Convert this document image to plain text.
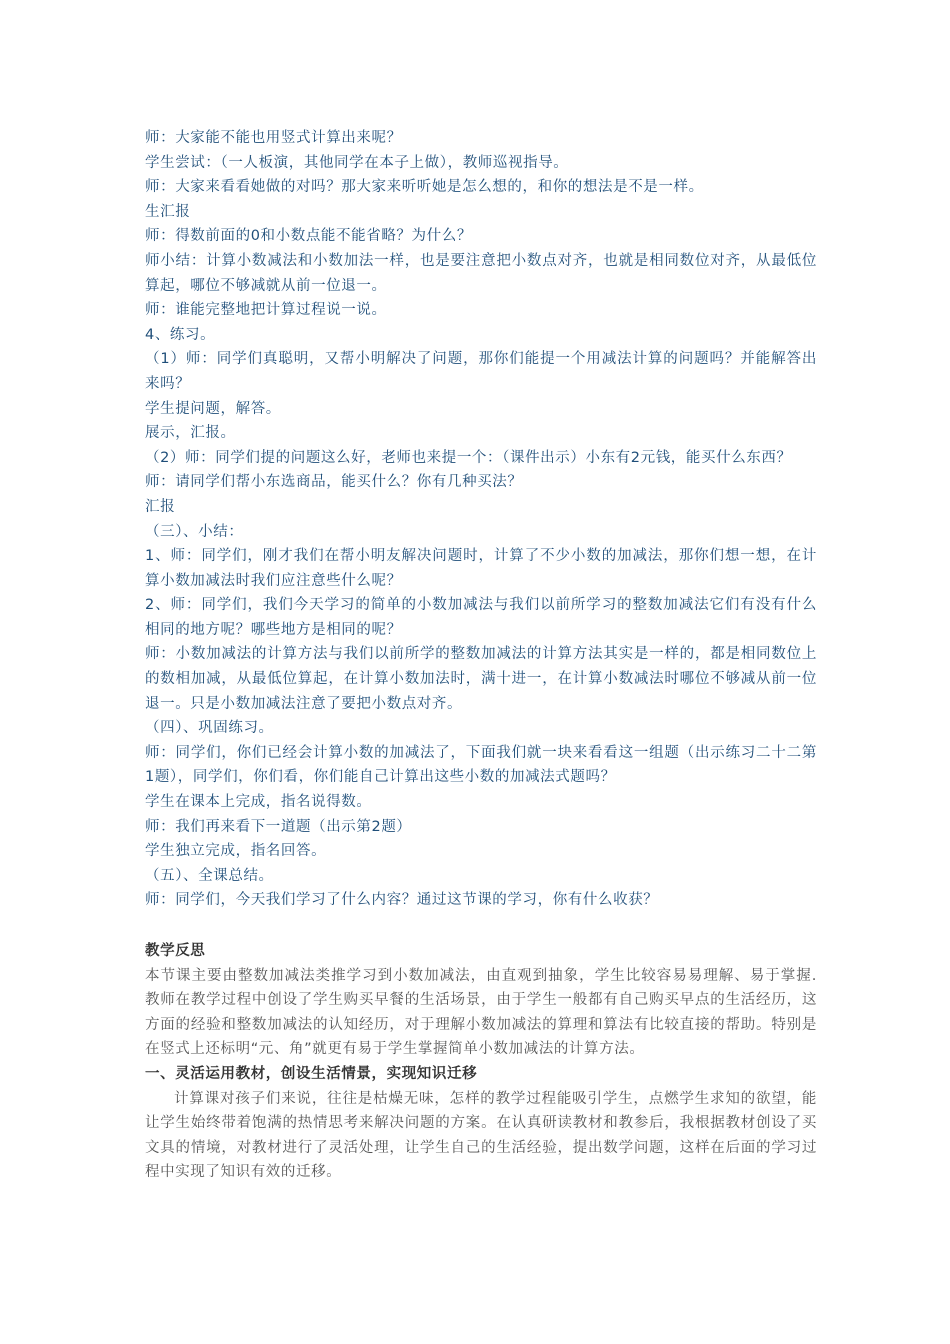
师：大家能不能也用竖式计算出来呢？

学生尝试：（一人板演，其他同学在本子上做），教师巡视指导。

师：大家来看看她做的对吗？那大家来听听她是怎么想的，和你的想法是不是一样。

生汇报

师：得数前面的0和小数点能不能省略？为什么？

师小结：计算小数减法和小数加法一样，也是要注意把小数点对齐，也就是相同数位对齐，从最低位算起，哪位不够减就从前一位退一。

师：谁能完整地把计算过程说一说。

4、练习。

（1）师：同学们真聪明，又帮小明解决了问题，那你们能提一个用减法计算的问题吗？并能解答出来吗？

学生提问题，解答。

展示，汇报。

（2）师：同学们提的问题这么好，老师也来提一个：（课件出示）小东有2元钱，能买什么东西？

师：请同学们帮小东选商品，能买什么？你有几种买法？

汇报

（三）、小结：

1、师：同学们，刚才我们在帮小明友解决问题时，计算了不少小数的加减法，那你们想一想，在计算小数加减法时我们应注意些什么呢？

2、师：同学们，我们今天学习的简单的小数加减法与我们以前所学习的整数加减法它们有没有什么相同的地方呢？哪些地方是相同的呢？

师：小数加减法的计算方法与我们以前所学的整数加减法的计算方法其实是一样的，都是相同数位上的数相加减，从最低位算起，在计算小数加法时，满十进一，在计算小数减法时哪位不够减从前一位退一。只是小数加减法注意了要把小数点对齐。

（四）、巩固练习。

师：同学们，你们已经会计算小数的加减法了，下面我们就一块来看看这一组题（出示练习二十二第1题），同学们，你们看，你们能自己计算出这些小数的加减法式题吗？

学生在课本上完成，指名说得数。

师：我们再来看下一道题（出示第2题）

学生独立完成，指名回答。

（五）、全课总结。

师：同学们，今天我们学习了什么内容？通过这节课的学习，你有什么收获？

教学反思

本节课主要由整数加减法类推学习到小数加减法，由直观到抽象，学生比较容易易理解、易于掌握. 教师在教学过程中创设了学生购买早餐的生活场景，由于学生一般都有自己购买早点的生活经历，这方面的经验和整数加减法的认知经历，对于理解小数加减法的算理和算法有比较直接的帮助。特别是在竖式上还标明“元、角”就更有易于学生掌握简单小数加减法的计算方法。

一、灵活运用教材，创设生活情景，实现知识迁移

计算课对孩子们来说，往往是枯燥无味，怎样的教学过程能吸引学生，点燃学生求知的欲望，能让学生始终带着饱满的热情思考来解决问题的方案。在认真研读教材和教参后，我根据教材创设了买文具的情境，对教材进行了灵活处理，让学生自己的生活经验，提出数学问题，这样在后面的学习过程中实现了知识有效的迁移。
